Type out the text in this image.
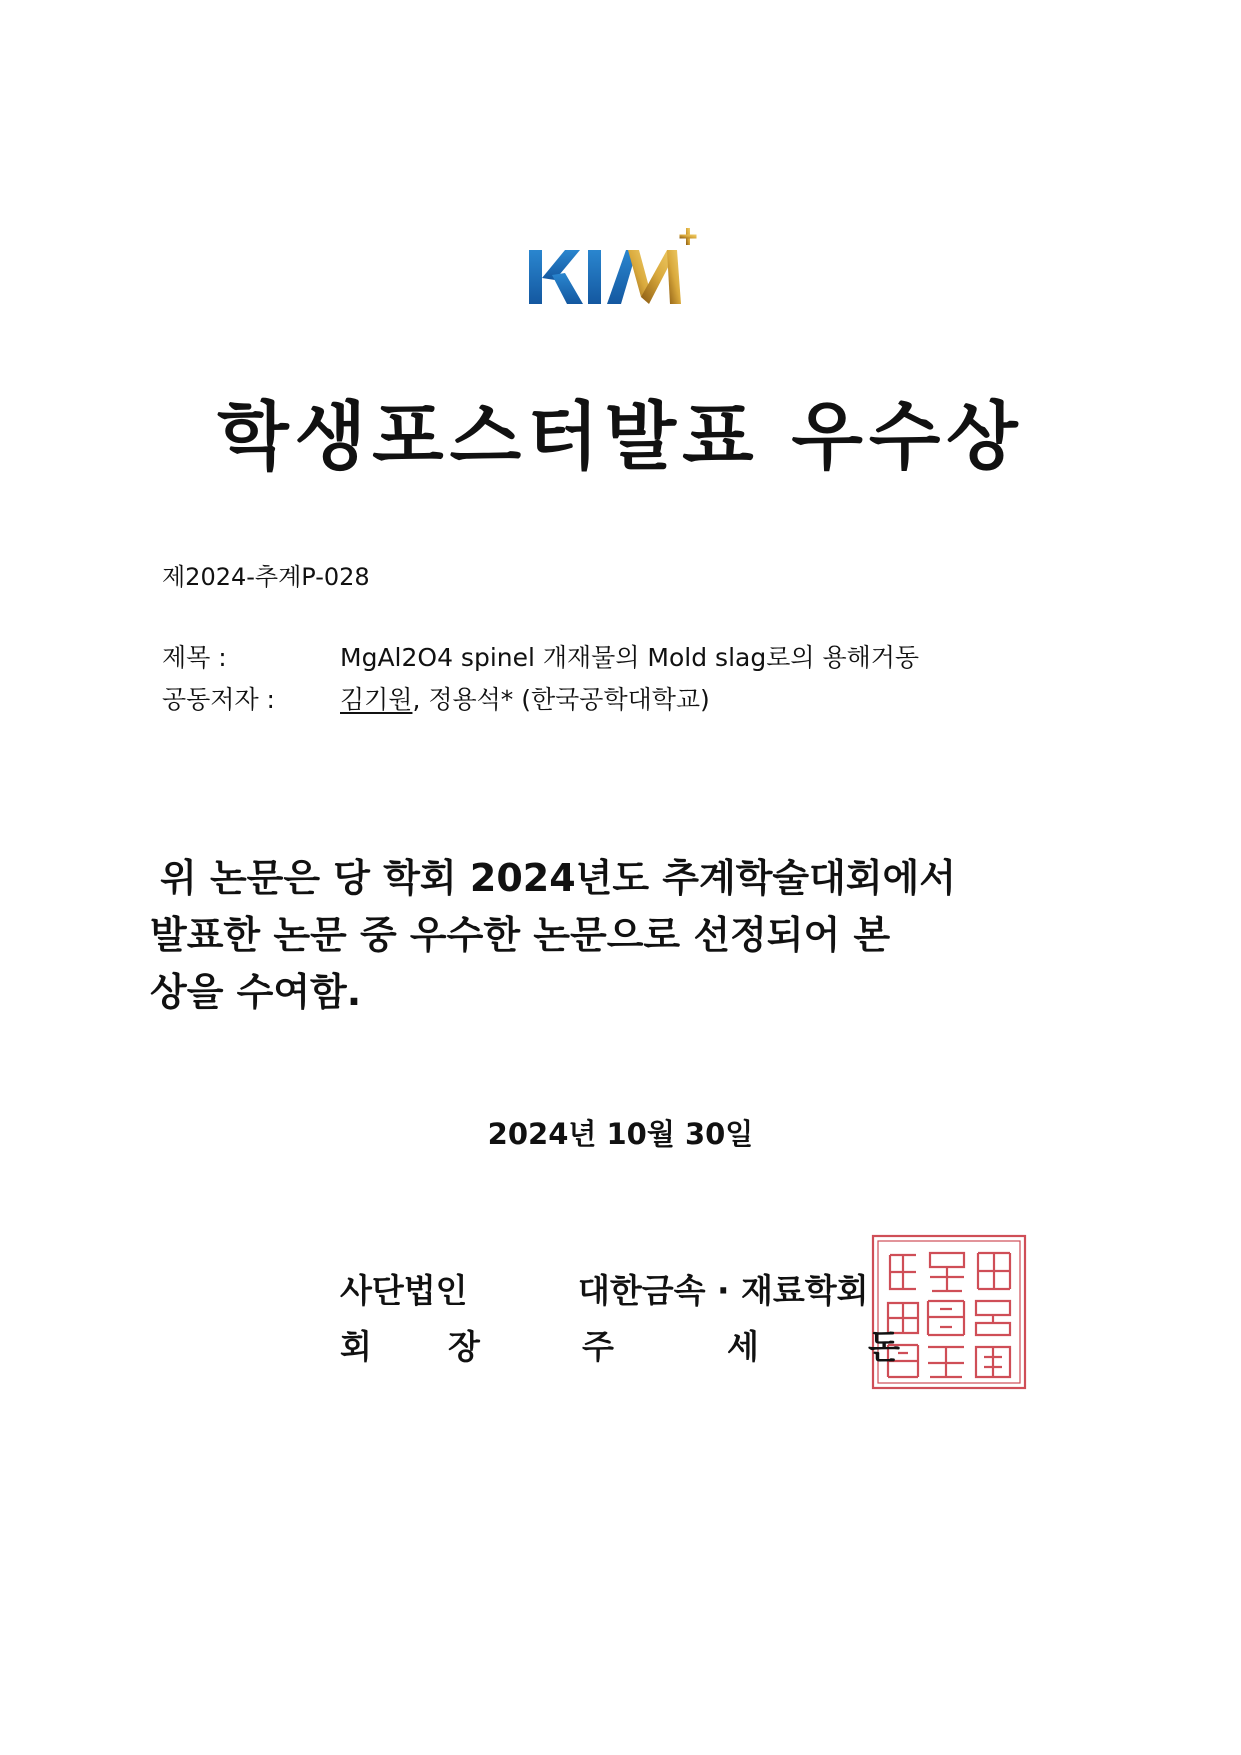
학생포스터발표 우수상
제2024-추계P-028
제목 :	MgAl2O4 spinel 개재물의 Mold slag로의 용해거동
공동저자 :	김기원, 정용석* (한국공학대학교)
위 논문은 당 학회 2024년도 추계학술대회에서
발표한 논문 중 우수한 논문으로 선정되어 본
상을 수여함.
2024년 10월 30일
사단법인	대한금속 · 재료학회
회 장	주	세	돈
